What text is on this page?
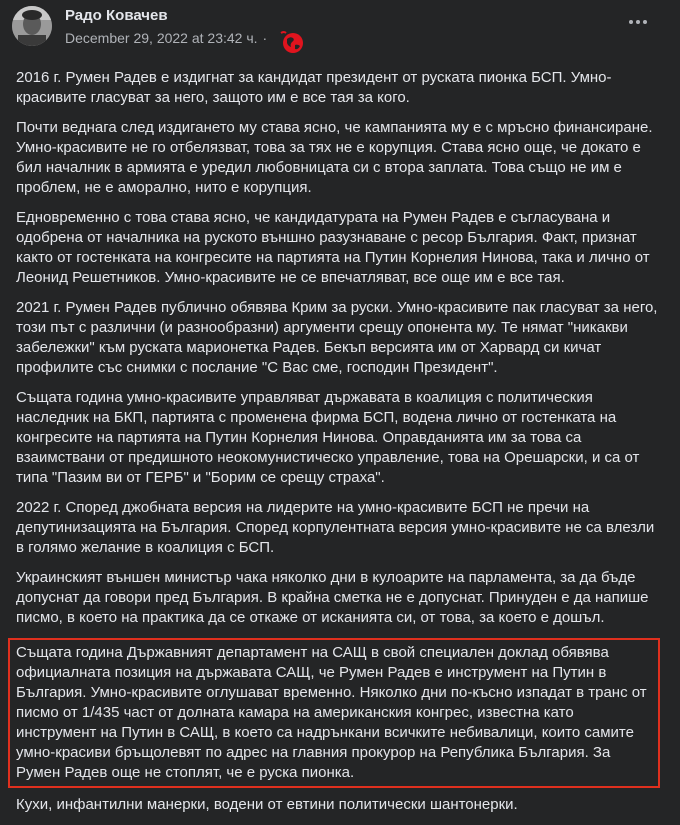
Радо Ковачев
December 29, 2022 at 23:42 ч. ·

2016 г. Румен Радев е издигнат за кандидат президент от руската пионка БСП. Умно-красивите гласуват за него, защото им е все тая за кого.

Почти веднага след издигането му става ясно, че кампанията му е с мръсно финансиране. Умно-красивите не го отбелязват, това за тях не е корупция. Става ясно още, че докато е бил началник в армията е уредил любовницата си с втора заплата. Това също не им е проблем, не е аморално, нито е корупция.

Едновременно с това става ясно, че кандидатурата на Румен Радев е съгласувана и одобрена от началника на руското външно разузнаване с ресор България. Факт, признат както от гостенката на конгресите на партията на Путин Корнелия Нинова, така и лично от Леонид Решетников. Умно-красивите не се впечатляват, все още им е все тая.

2021 г. Румен Радев публично обявява Крим за руски. Умно-красивите пак гласуват за него, този път с различни (и разнообразни) аргументи срещу опонента му. Те нямат "никакви забележки" към руската марионетка Радев. Бекъп версията им от Харвард си кичат профилите със снимки с послание "С Вас сме, господин Президент".

Същата година умно-красивите управляват държавата в коалиция с политическия наследник на БКП, партията с променена фирма БСП, водена лично от гостенката на конгресите на партията на Путин Корнелия Нинова. Оправданията им за това са взаимствани от предишното неокомунистическо управление, това на Орешарски, и са от типа "Пазим ви от ГЕРБ" и "Борим се срещу страха".

2022 г. Според джобната версия на лидерите на умно-красивите БСП не пречи на депутинизацията на България. Според корпулентната версия умно-красивите не са влезли в голямо желание в коалиция с БСП.

Украинският външен министър чака няколко дни в кулоарите на парламента, за да бъде допуснат да говори пред България. В крайна сметка не е допуснат. Принуден е да напише писмо, в което на практика да се откаже от исканията си, от това, за което е дошъл.

Същата година Държавният департамент на САЩ в свой специален доклад обявява официалната позиция на държавата САЩ, че Румен Радев е инструмент на Путин в България. Умно-красивите оглушават временно. Няколко дни по-късно изпадат в транс от писмо от 1/435 част от долната камара на американския конгрес, известна като инструмент на Путин в САЩ, в което са надрънкани всичките небивалици, които самите умно-красиви бръщолевят по адрес на главния прокурор на Република България. За Румен Радев още не стоплят, че е руска пионка.

Кухи, инфантилни манерки, водени от евтини политически шантонерки.
